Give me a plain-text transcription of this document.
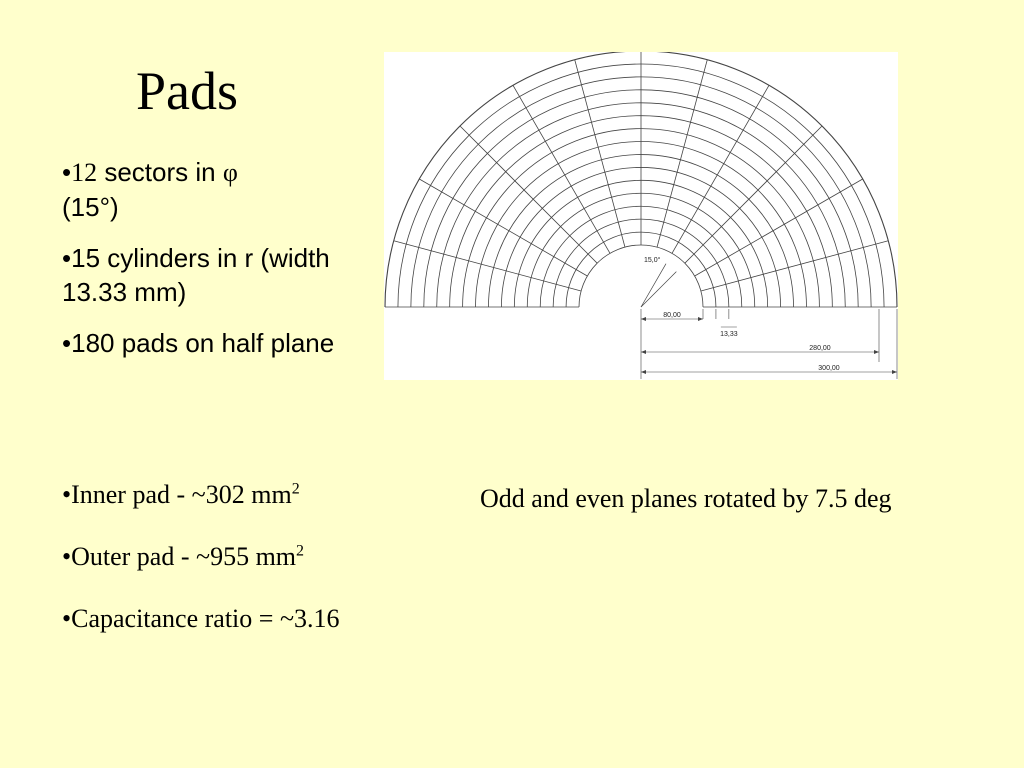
Pads
•12 sectors in φ
(15°)
•15 cylinders in r (width 13.33 mm)
•180 pads on half plane
15,0°
80,00
13,33
280,00
300,00
•Inner pad - ~302 $mm^2$
•Outer pad - ~955 $mm^2$
•Capacitance ratio = ~3.16
Odd and even planes rotated by 7.5 deg
